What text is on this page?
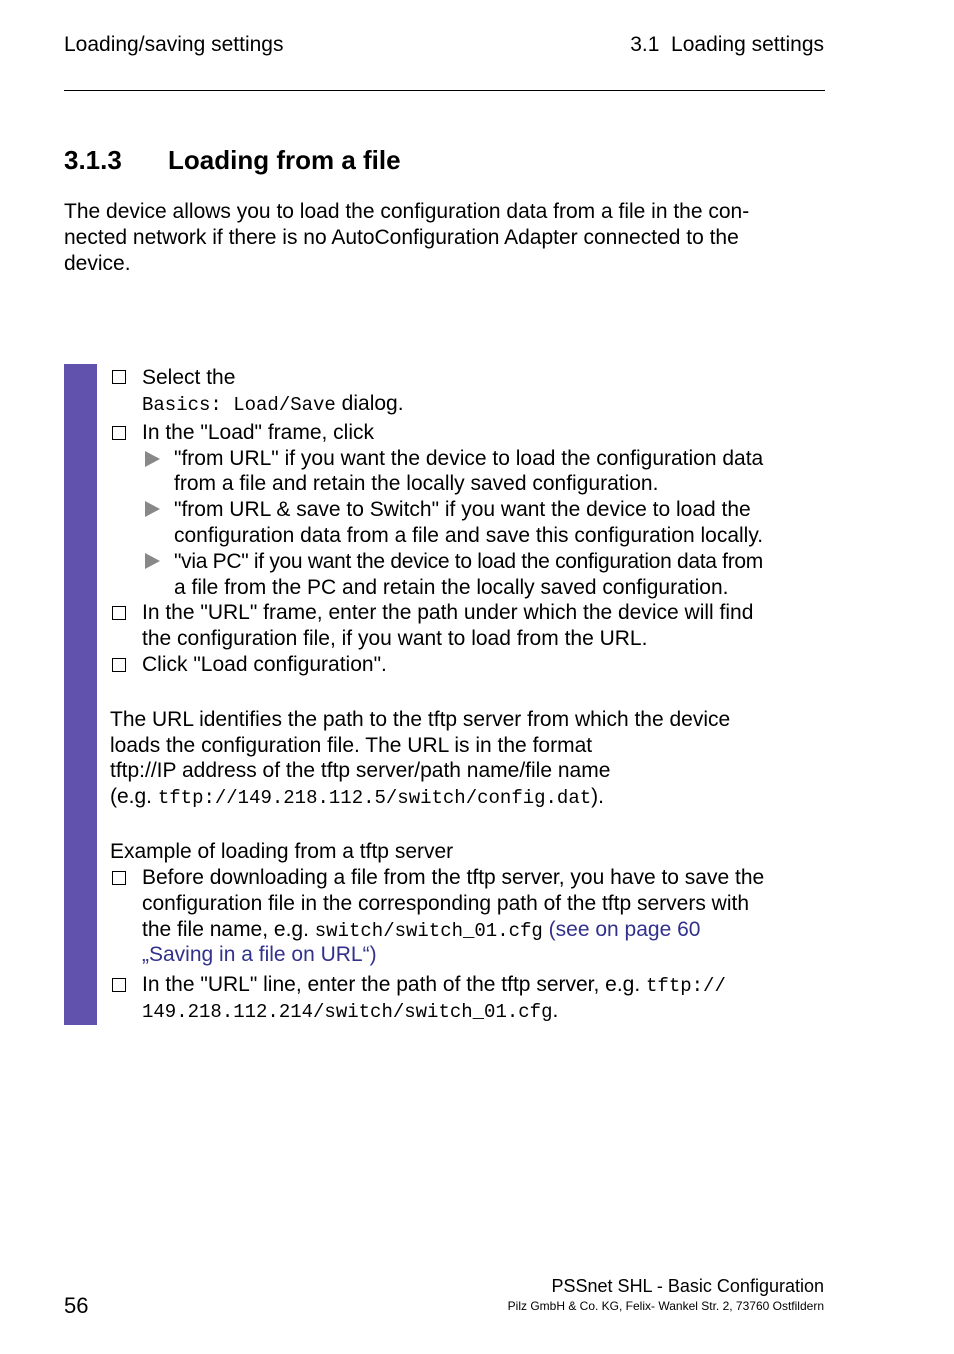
Loading/saving settings	3.1  Loading settings
3.1.3 Loading from a file
The device allows you to load the configuration data from a file in the con-
nected network if there is no AutoConfiguration Adapter connected to the
device.
Select the
Basics: Load/Save dialog.
In the "Load" frame, click
"from URL" if you want the device to load the configuration data
from a file and retain the locally saved configuration.
"from URL & save to Switch" if you want the device to load the
configuration data from a file and save this configuration locally.
"via PC" if you want the device to load the configuration data from
a file from the PC and retain the locally saved configuration.
In the "URL" frame, enter the path under which the device will find
the configuration file, if you want to load from the URL.
Click "Load configuration".
The URL identifies the path to the tftp server from which the device
loads the configuration file. The URL is in the format
tftp://IP address of the tftp server/path name/file name
(e.g. tftp://149.218.112.5/switch/config.dat).
Example of loading from a tftp server
Before downloading a file from the tftp server, you have to save the
configuration file in the corresponding path of the tftp servers with
the file name, e.g. switch/switch_01.cfg (see on page 60
„Saving in a file on URL“)
In the "URL" line, enter the path of the tftp server, e.g. tftp://
149.218.112.214/switch/switch_01.cfg.
PSSnet SHL - Basic Configuration
Pilz GmbH & Co. KG, Felix- Wankel Str. 2, 73760 Ostfildern
56
